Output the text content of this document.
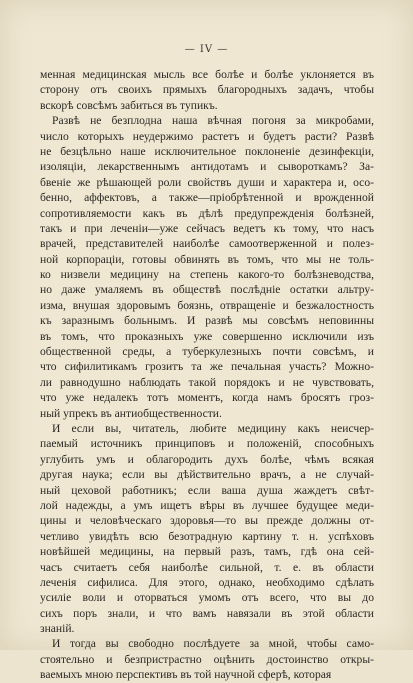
— IV —
менная медицинская мысль все болѣе и болѣе уклоняется въ
сторону отъ своихъ прямыхъ благородныхъ задачъ, чтобы
вскорѣ совсѣмъ забиться въ тупикъ.
Развѣ не безплодна наша вѣчная погоня за микробами,
число которыхъ неудержимо растетъ и будетъ расти? Развѣ
не безцѣльно наше исключительное поклоненіе дезинфекціи,
изоляціи, лекарственнымъ антидотамъ и сывороткамъ? За-
бвеніе же рѣшающей роли свойствъ души и характера и, осо-
бенно, аффектовъ, а также—пріобрѣтенной и врожденной
сопротивляемости какъ въ дѣлѣ предупрежденія болѣзней,
такъ и при леченіи—уже сейчасъ ведетъ къ тому, что насъ
врачей, представителей наиболѣе самоотверженной и полез-
ной корпораціи, готовы обвинять въ томъ, что мы не толь-
ко низвели медицину на степень какого-то болѣзневодства,
но даже умаляемъ въ обществѣ послѣдніе остатки альтру-
изма, внушая здоровымъ боязнь, отвращеніе и безжалостность
къ заразнымъ больнымъ. И развѣ мы совсѣмъ неповинны
въ томъ, что проказныхъ уже совершенно исключили изъ
общественной среды, а туберкулезныхъ почти совсѣмъ, и
что сифилитикамъ грозитъ та же печальная участь? Можно-
ли равнодушно наблюдать такой порядокъ и не чувствовать,
что уже недалекъ тотъ моментъ, когда намъ бросятъ гроз-
ный упрекъ въ антиобщественности.
И если вы, читатель, любите медицину какъ неисчер-
паемый источникъ принциповъ и положеній, способныхъ
углубить умъ и облагородить духъ болѣе, чѣмъ всякая
другая наука; если вы дѣйствительно врачъ, а не случай-
ный цеховой работникъ; если ваша душа жаждетъ свѣт-
лой надежды, а умъ ищетъ вѣры въ лучшее будущее меди-
цины и человѣческаго здоровья—то вы прежде должны от-
четливо увидѣть всю безотрадную картину т. н. успѣховъ
новѣйшей медицины, на первый разъ, тамъ, гдѣ она сей-
часъ считаетъ себя наиболѣе сильной, т. е. въ области
леченія сифилиса. Для этого, однако, необходимо сдѣлать
усиліе воли и оторваться умомъ отъ всего, что вы до
сихъ поръ знали, и что вамъ навязали въ этой области
знаній.
И тогда вы свободно послѣдуете за мной, чтобы само-
стоятельно и безпристрастно оцѣнить достоинство откры-
ваемыхъ мною перспективъ въ той научной сферѣ, которая
